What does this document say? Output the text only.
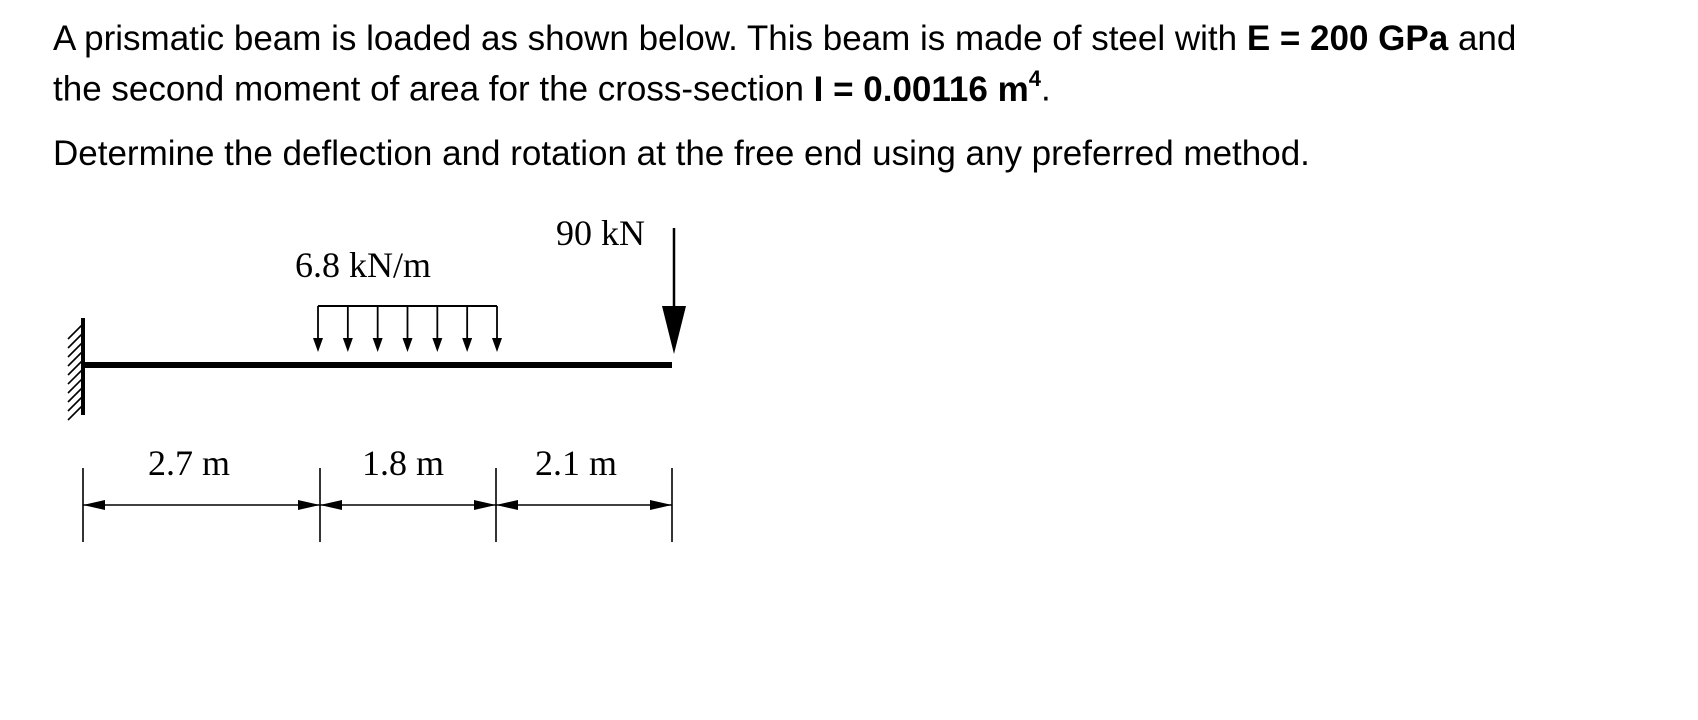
A prismatic beam is loaded as shown below. This beam is made of steel with E = 200 GPa and
the second moment of area for the cross-section I = 0.00116 $m^4$.

Determine the deflection and rotation at the free end using any preferred method.

6.8 kN/m
90 kN
2.7 m	1.8 m	2.1 m
